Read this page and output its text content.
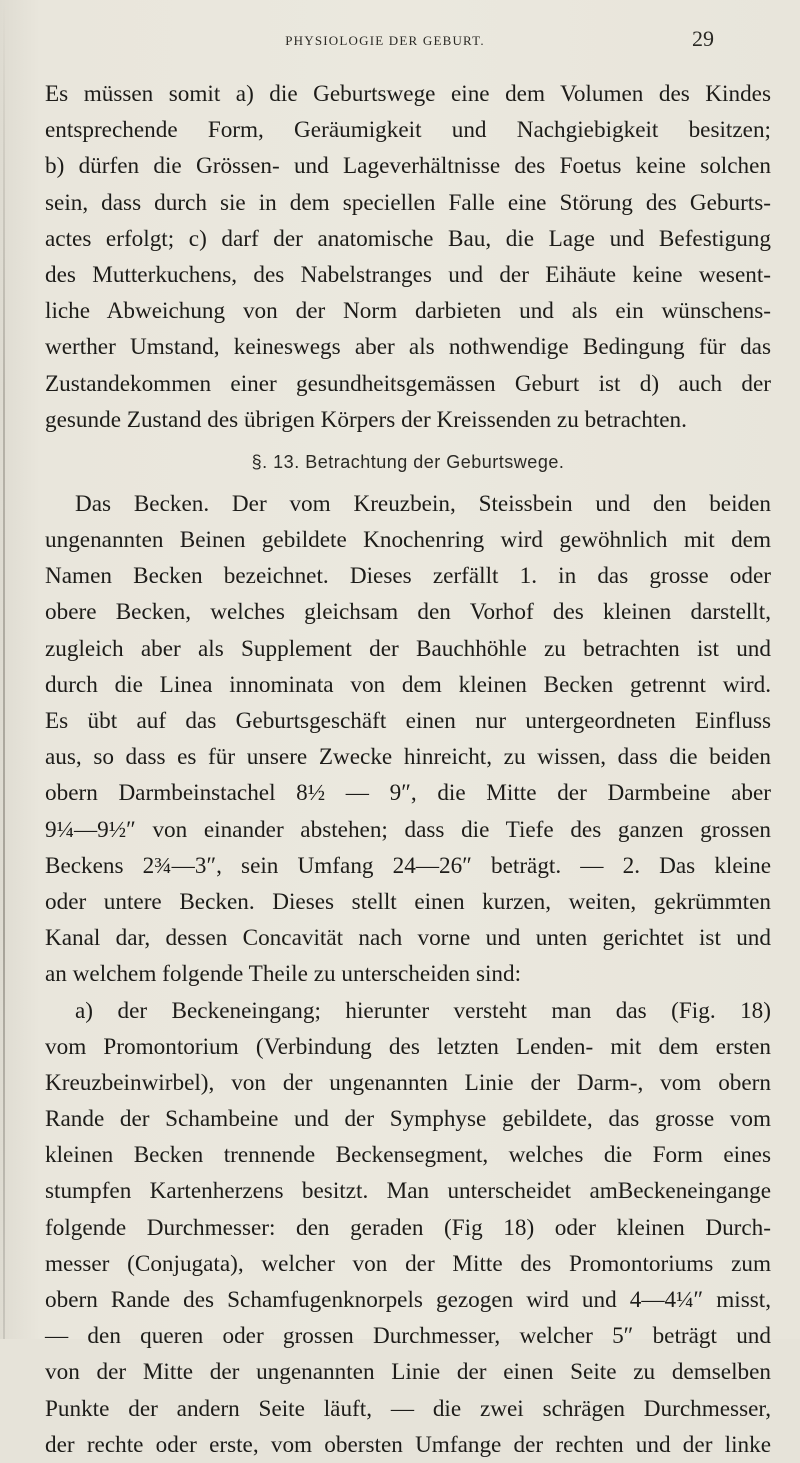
PHYSIOLOGIE DER GEBURT.	29
Es müssen somit a) die Geburtswege eine dem Volumen des Kindes
entsprechende Form, Geräumigkeit und Nachgiebigkeit besitzen;
b) dürfen die Grössen- und Lageverhältnisse des Foetus keine solchen
sein, dass durch sie in dem speciellen Falle eine Störung des Geburts-
actes erfolgt; c) darf der anatomische Bau, die Lage und Befestigung
des Mutterkuchens, des Nabelstranges und der Eihäute keine wesent-
liche Abweichung von der Norm darbieten und als ein wünschens-
werther Umstand, keineswegs aber als nothwendige Bedingung für das
Zustandekommen einer gesundheitsgemässen Geburt ist d) auch der
gesunde Zustand des übrigen Körpers der Kreissenden zu betrachten.
§. 13. Betrachtung der Geburtswege.
Das Becken. Der vom Kreuzbein, Steissbein und den beiden
ungenannten Beinen gebildete Knochenring wird gewöhnlich mit dem
Namen Becken bezeichnet. Dieses zerfällt 1. in das grosse oder
obere Becken, welches gleichsam den Vorhof des kleinen darstellt,
zugleich aber als Supplement der Bauchhöhle zu betrachten ist und
durch die Linea innominata von dem kleinen Becken getrennt wird.
Es übt auf das Geburtsgeschäft einen nur untergeordneten Einfluss
aus, so dass es für unsere Zwecke hinreicht, zu wissen, dass die beiden
obern Darmbeinstachel 8½ — 9″, die Mitte der Darmbeine aber
9¼—9½″ von einander abstehen; dass die Tiefe des ganzen grossen
Beckens 2¾—3″, sein Umfang 24—26″ beträgt. — 2. Das kleine
oder untere Becken. Dieses stellt einen kurzen, weiten, gekrümmten
Kanal dar, dessen Concavität nach vorne und unten gerichtet ist und
an welchem folgende Theile zu unterscheiden sind:
a) der Beckeneingang; hierunter versteht man das (Fig. 18)
vom Promontorium (Verbindung des letzten Lenden- mit dem ersten
Kreuzbeinwirbel), von der ungenannten Linie der Darm-, vom obern
Rande der Schambeine und der Symphyse gebildete, das grosse vom
kleinen Becken trennende Beckensegment, welches die Form eines
stumpfen Kartenherzens besitzt. Man unterscheidet amBeckeneingange
folgende Durchmesser: den geraden (Fig 18) oder kleinen Durch-
messer (Conjugata), welcher von der Mitte des Promontoriums zum
obern Rande des Schamfugenknorpels gezogen wird und 4—4¼″ misst,
— den queren oder grossen Durchmesser, welcher 5″ beträgt und
von der Mitte der ungenannten Linie der einen Seite zu demselben
Punkte der andern Seite läuft, — die zwei schrägen Durchmesser,
der rechte oder erste, vom obersten Umfange der rechten und der linke
